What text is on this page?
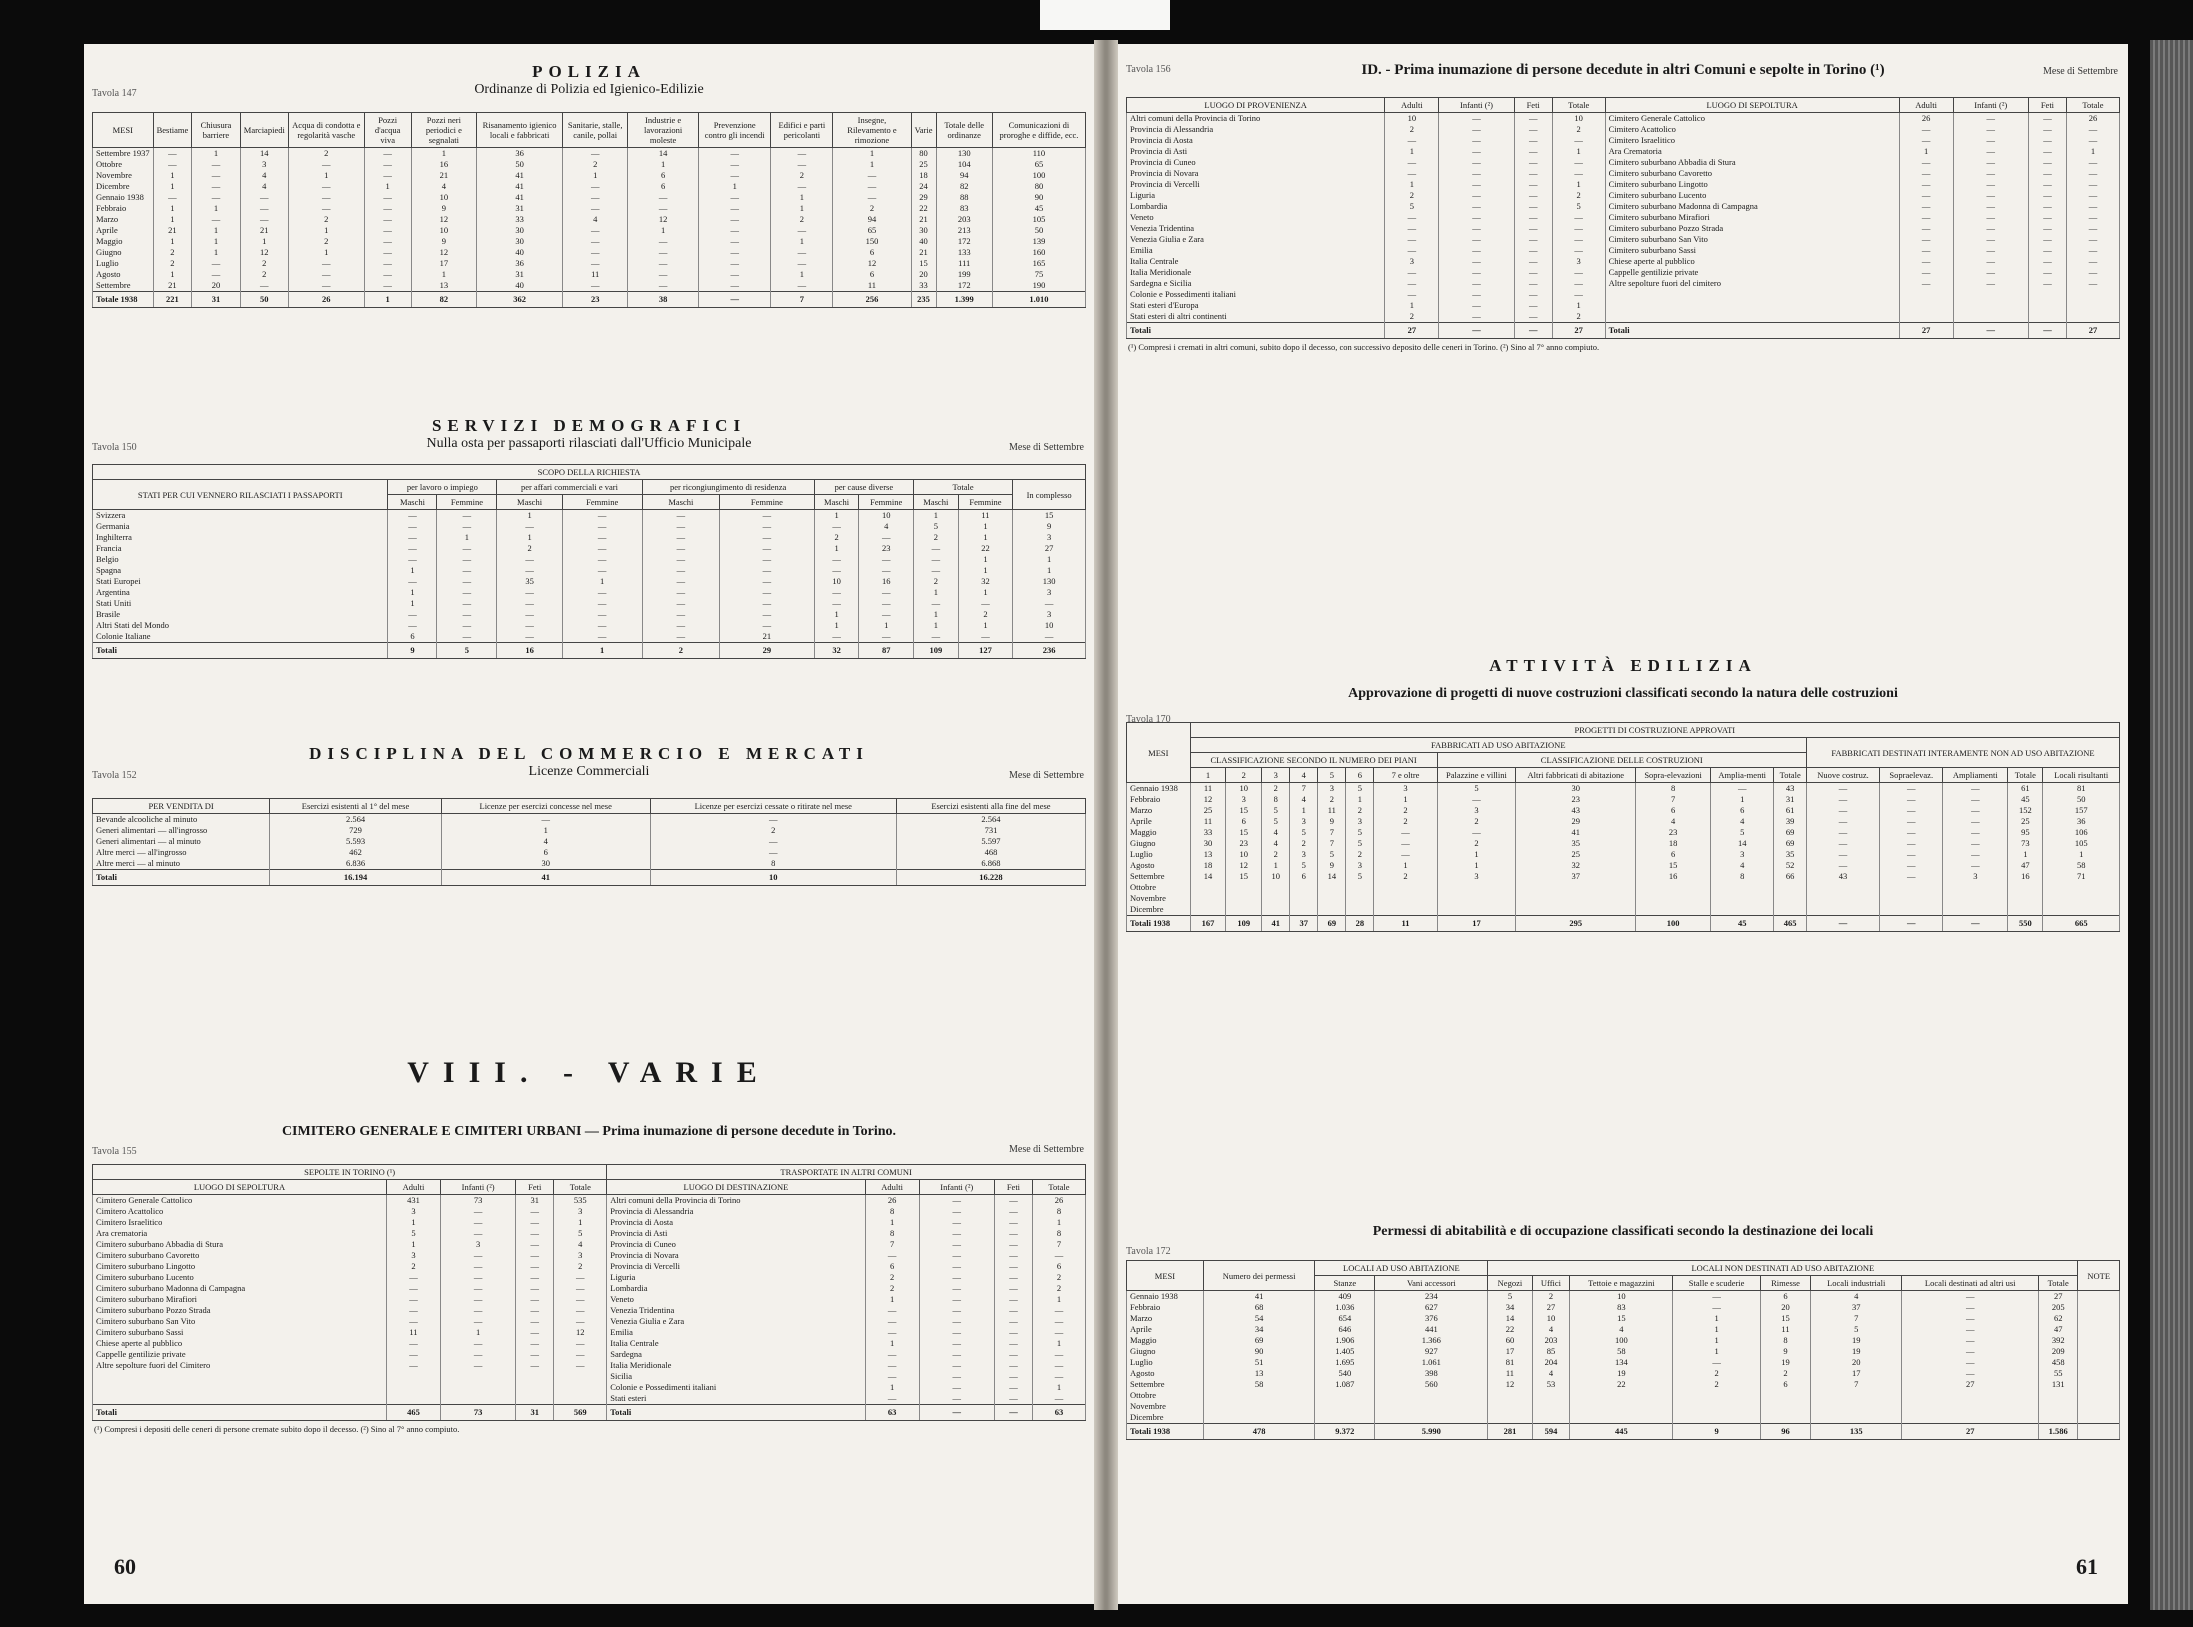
POLIZIA
Ordinanze di Polizia ed Igienico-Edilizie
Tavola 147
MESI	Bestiame	Chiusura barriere	Marciapiedi	Acqua di condotta e regolarità vasche	Pozzi d'acqua viva	Pozzi neri periodici e segnalati	Risanamento igienico locali e fabbricati	Sanitarie, stalle, canile, pollai	Industrie e lavorazioni moleste	Prevenzione contro gli incendi	Edifici e parti pericolanti	Insegne, Rilevamento e rimozione	Varie	Totale delle ordinanze	Comunicazioni di proroghe e diffide, ecc.
Settembre 1937	—	1	14	2	—	1	36	—	14	—	—	1	80	130	110
Ottobre	—	—	3	—	—	16	50	2	1	—	—	1	25	104	65
Novembre	1	—	4	1	—	21	41	1	6	—	2	—	18	94	100
Dicembre	1	—	4	—	1	4	41	—	6	1	—	—	24	82	80
Gennaio 1938	—	—	—	—	—	10	41	—	—	—	1	—	29	88	90
Febbraio	1	1	—	—	—	9	31	—	—	—	1	2	22	83	45
Marzo	1	—	—	2	—	12	33	4	12	—	2	94	21	203	105
Aprile	21	1	21	1	—	10	30	—	1	—	—	65	30	213	50
Maggio	1	1	1	2	—	9	30	—	—	—	1	150	40	172	139
Giugno	2	1	12	1	—	12	40	—	—	—	—	6	21	133	160
Luglio	2	—	2	—	—	17	36	—	—	—	—	12	15	111	165
Agosto	1	—	2	—	—	1	31	11	—	—	1	6	20	199	75
Settembre	21	20	—	—	—	13	40	—	—	—	—	11	33	172	190
Totale 1938	221	31	50	26	1	82	362	23	38	—	7	256	235	1.399	1.010
SERVIZI DEMOGRAFICI
Nulla osta per passaporti rilasciati dall'Ufficio Municipale
Tavola 150	Mese di Settembre
SCOPO DELLA RICHIESTA											
STATI PER CUI VENNERO RILASCIATI I PASSAPORTI	per lavoro o impiego		per affari commerciali e vari		per ricongiungimento di residenza		per cause diverse		Totale		In complesso
	Maschi	Femmine	Maschi	Femmine	Maschi	Femmine	Maschi	Femmine	Maschi	Femmine	
Svizzera	—	—	1	—	—	—	1	10	1	11	15
Germania	—	—	—	—	—	—	—	4	5	1	9
Inghilterra	—	1	1	—	—	—	2	—	2	1	3
Francia	—	—	2	—	—	—	1	23	—	22	27
Belgio	—	—	—	—	—	—	—	—	—	1	1
Spagna	1	—	—	—	—	—	—	—	—	1	1
Stati Europei	—	—	35	1	—	—	10	16	2	32	130
Argentina	1	—	—	—	—	—	—	—	1	1	3
Stati Uniti	1	—	—	—	—	—	—	—	—	—	—
Brasile	—	—	—	—	—	—	1	—	1	2	3
Altri Stati del Mondo	—	—	—	—	—	—	1	1	1	1	10
Colonie Italiane	6	—	—	—	—	21	—	—	—	—	—
Totali	9	5	16	1	2	29	32	87	109	127	236
DISCIPLINA DEL COMMERCIO E MERCATI
Licenze Commerciali
Tavola 152	Mese di Settembre
PER VENDITA DI	Esercizi esistenti al 1° del mese	Licenze per esercizi concesse nel mese	Licenze per esercizi cessate o ritirate nel mese	Esercizi esistenti alla fine del mese
Bevande alcooliche al minuto	2.564	—	—	2.564
Generi alimentari — all'ingrosso	729	1	2	731
Generi alimentari — al minuto	5.593	4	—	5.597
Altre merci — all'ingrosso	462	6	—	468
Altre merci — al minuto	6.836	30	8	6.868
Totali	16.194	41	10	16.228
VIII. - VARIE
CIMITERO GENERALE E CIMITERI URBANI — Prima inumazione di persone decedute in Torino.
Tavola 155	Mese di Settembre
SEPOLTE IN TORINO (¹)					TRASPORTATE IN ALTRI COMUNI				
LUOGO DI SEPOLTURA	Adulti	Infanti (²)	Feti	Totale	LUOGO DI DESTINAZIONE	Adulti	Infanti (²)	Feti	Totale
Cimitero Generale Cattolico	431	73	31	535	Altri comuni della Provincia di Torino	26	—	—	26
Cimitero Acattolico	3	—	—	3	Provincia di Alessandria	8	—	—	8
Cimitero Israelitico	1	—	—	1	Provincia di Aosta	1	—	—	1
Ara crematoria	5	—	—	5	Provincia di Asti	8	—	—	8
Cimitero suburbano Abbadia di Stura	1	3	—	4	Provincia di Cuneo	7	—	—	7
Cimitero suburbano Cavoretto	3	—	—	3	Provincia di Novara	—	—	—	—
Cimitero suburbano Lingotto	2	—	—	2	Provincia di Vercelli	6	—	—	6
Cimitero suburbano Lucento	—	—	—	—	Liguria	2	—	—	2
Cimitero suburbano Madonna di Campagna	—	—	—	—	Lombardia	2	—	—	2
Cimitero suburbano Mirafiori	—	—	—	—	Veneto	1	—	—	1
Cimitero suburbano Pozzo Strada	—	—	—	—	Venezia Tridentina	—	—	—	—
Cimitero suburbano San Vito	—	—	—	—	Venezia Giulia e Zara	—	—	—	—
Cimitero suburbano Sassi	11	1	—	12	Emilia	—	—	—	—
Chiese aperte al pubblico	—	—	—	—	Italia Centrale	1	—	—	1
Cappelle gentilizie private	—	—	—	—	Sardegna	—	—	—	—
Altre sepolture fuori del Cimitero	—	—	—	—	Italia Meridionale	—	—	—	—
					Sicilia	—	—	—	—
					Colonie e Possedimenti italiani	1	—	—	1
					Stati esteri	—	—	—	—
Totali	465	73	31	569	Totali	63	—	—	63
(¹) Compresi i depositi delle ceneri di persone cremate subito dopo il decesso. (²) Sino al 7° anno compiuto.
60
Tavola 156	ID. - Prima inumazione di persone decedute in altri Comuni e sepolte in Torino (¹)	Mese di Settembre
LUOGO DI PROVENIENZA	Adulti	Infanti (²)	Feti	Totale	LUOGO DI SEPOLTURA	Adulti	Infanti (²)	Feti	Totale
Altri comuni della Provincia di Torino	10	—	—	10	Cimitero Generale Cattolico	26	—	—	26
Provincia di Alessandria	2	—	—	2	Cimitero Acattolico	—	—	—	—
Provincia di Aosta	—	—	—	—	Cimitero Israelitico	—	—	—	—
Provincia di Asti	1	—	—	1	Ara Crematoria	1	—	—	1
Provincia di Cuneo	—	—	—	—	Cimitero suburbano Abbadia di Stura	—	—	—	—
Provincia di Novara	—	—	—	—	Cimitero suburbano Cavoretto	—	—	—	—
Provincia di Vercelli	1	—	—	1	Cimitero suburbano Lingotto	—	—	—	—
Liguria	2	—	—	2	Cimitero suburbano Lucento	—	—	—	—
Lombardia	5	—	—	5	Cimitero suburbano Madonna di Campagna	—	—	—	—
Veneto	—	—	—	—	Cimitero suburbano Mirafiori	—	—	—	—
Venezia Tridentina	—	—	—	—	Cimitero suburbano Pozzo Strada	—	—	—	—
Venezia Giulia e Zara	—	—	—	—	Cimitero suburbano San Vito	—	—	—	—
Emilia	—	—	—	—	Cimitero suburbano Sassi	—	—	—	—
Italia Centrale	3	—	—	3	Chiese aperte al pubblico	—	—	—	—
Italia Meridionale	—	—	—	—	Cappelle gentilizie private	—	—	—	—
Sardegna e Sicilia	—	—	—	—	Altre sepolture fuori del cimitero	—	—	—	—
Colonie e Possedimenti italiani	—	—	—	—					
Stati esteri d'Europa	1	—	—	1					
Stati esteri di altri continenti	2	—	—	2					
Totali	27	—	—	27	Totali	27	—	—	27
(¹) Compresi i cremati in altri comuni, subito dopo il decesso, con successivo deposito delle ceneri in Torino. (²) Sino al 7° anno compiuto.
ATTIVITÀ EDILIZIA
Approvazione di progetti di nuove costruzioni classificati secondo la natura delle costruzioni
Tavola 170
MESI	PROGETTI DI COSTRUZIONE APPROVATI																
	FABBRICATI AD USO ABITAZIONE												FABBRICATI DESTINATI INTERAMENTE NON AD USO ABITAZIONE				
	CLASSIFICAZIONE SECONDO IL NUMERO DEI PIANI							CLASSIFICAZIONE DELLE COSTRUZIONI									
	1	2	3	4	5	6	7 e oltre	Palazzine e villini	Altri fabbricati di abitazione	Sopra-elevazioni	Amplia-menti	Totale	Nuove costruz.	Sopraelevaz.	Ampliamenti	Totale	Locali risultanti
Gennaio 1938	11	10	2	7	3	5	3	5	30	8	—	43	—	—	—	61	81
Febbraio	12	3	8	4	2	1	1	—	23	7	1	31	—	—	—	45	50
Marzo	25	15	5	1	11	2	2	3	43	6	6	61	—	—	—	152	157
Aprile	11	6	5	3	9	3	2	2	29	4	4	39	—	—	—	25	36
Maggio	33	15	4	5	7	5	—	—	41	23	5	69	—	—	—	95	106
Giugno	30	23	4	2	7	5	—	2	35	18	14	69	—	—	—	73	105
Luglio	13	10	2	3	5	2	—	1	25	6	3	35	—	—	—	1	1
Agosto	18	12	1	5	9	3	1	1	32	15	4	52	—	—	—	47	58
Settembre	14	15	10	6	14	5	2	3	37	16	8	66	43	—	3	16	71
Ottobre																	
Novembre																	
Dicembre																	
Totali 1938	167	109	41	37	69	28	11	17	295	100	45	465	—	—	—	550	665
Permessi di abitabilità e di occupazione classificati secondo la destinazione dei locali
Tavola 172
MESI	Numero dei permessi	LOCALI AD USO ABITAZIONE		LOCALI NON DESTINATI AD USO ABITAZIONE								NOTE
		Stanze	Vani accessori	Negozi	Uffici	Tettoie e magazzini	Stalle e scuderie	Rimesse	Locali industriali	Locali destinati ad altri usi	Totale	
Gennaio 1938	41	409	234	5	2	10	—	6	4	—	27	
Febbraio	68	1.036	627	34	27	83	—	20	37	—	205	
Marzo	54	654	376	14	10	15	1	15	7	—	62	
Aprile	34	646	441	22	4	4	1	11	5	—	47	
Maggio	69	1.906	1.366	60	203	100	1	8	19	—	392	
Giugno	90	1.405	927	17	85	58	1	9	19	—	209	
Luglio	51	1.695	1.061	81	204	134	—	19	20	—	458	
Agosto	13	540	398	11	4	19	2	2	17	—	55	
Settembre	58	1.087	560	12	53	22	2	6	7	27	131	
Ottobre												
Novembre												
Dicembre												
Totali 1938	478	9.372	5.990	281	594	445	9	96	135	27	1.586	
61
